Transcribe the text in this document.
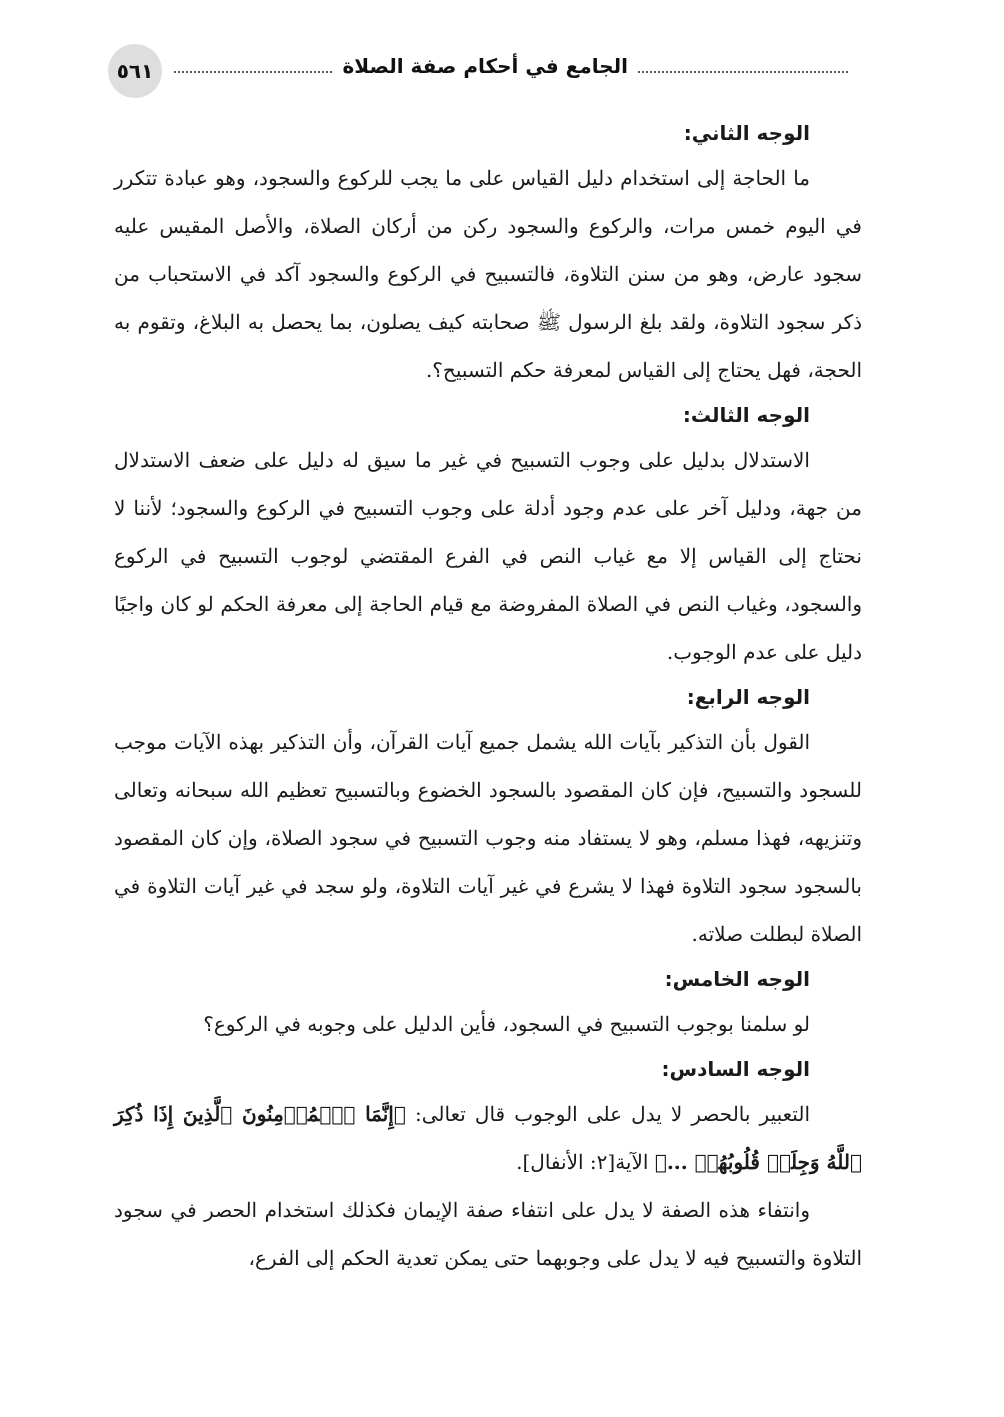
٥٦١	الجامع في أحكام صفة الصلاة

الوجه الثاني:

ما الحاجة إلى استخدام دليل القياس على ما يجب للركوع والسجود، وهو عبادة تتكرر في اليوم خمس مرات، والركوع والسجود ركن من أركان الصلاة، والأصل المقيس عليه سجود عارض، وهو من سنن التلاوة، فالتسبيح في الركوع والسجود آكد في الاستحباب من ذكر سجود التلاوة، ولقد بلغ الرسول ﷺ صحابته كيف يصلون، بما يحصل به البلاغ، وتقوم به الحجة، فهل يحتاج إلى القياس لمعرفة حكم التسبيح؟.

الوجه الثالث:

الاستدلال بدليل على وجوب التسبيح في غير ما سيق له دليل على ضعف الاستدلال من جهة، ودليل آخر على عدم وجود أدلة على وجوب التسبيح في الركوع والسجود؛ لأننا لا نحتاج إلى القياس إلا مع غياب النص في الفرع المقتضي لوجوب التسبيح في الركوع والسجود، وغياب النص في الصلاة المفروضة مع قيام الحاجة إلى معرفة الحكم لو كان واجبًا دليل على عدم الوجوب.

الوجه الرابع:

القول بأن التذكير بآيات الله يشمل جميع آيات القرآن، وأن التذكير بهذه الآيات موجب للسجود والتسبيح، فإن كان المقصود بالسجود الخضوع وبالتسبيح تعظيم الله سبحانه وتعالى وتنزيهه، فهذا مسلم، وهو لا يستفاد منه وجوب التسبيح في سجود الصلاة، وإن كان المقصود بالسجود سجود التلاوة فهذا لا يشرع في غير آيات التلاوة، ولو سجد في غير آيات التلاوة في الصلاة لبطلت صلاته.

الوجه الخامس:

لو سلمنا بوجوب التسبيح في السجود، فأين الدليل على وجوبه في الركوع؟

الوجه السادس:

التعبير بالحصر لا يدل على الوجوب قال تعالى: ﴿إِنَّمَا ٱلۡمُؤۡمِنُونَ ٱلَّذِينَ إِذَا ذُكِرَ ٱللَّهُ وَجِلَتۡ قُلُوبُهُمۡ ...﴾ الآية[٢: الأنفال].

وانتفاء هذه الصفة لا يدل على انتفاء صفة الإيمان فكذلك استخدام الحصر في سجود التلاوة والتسبيح فيه لا يدل على وجوبهما حتى يمكن تعدية الحكم إلى الفرع،
